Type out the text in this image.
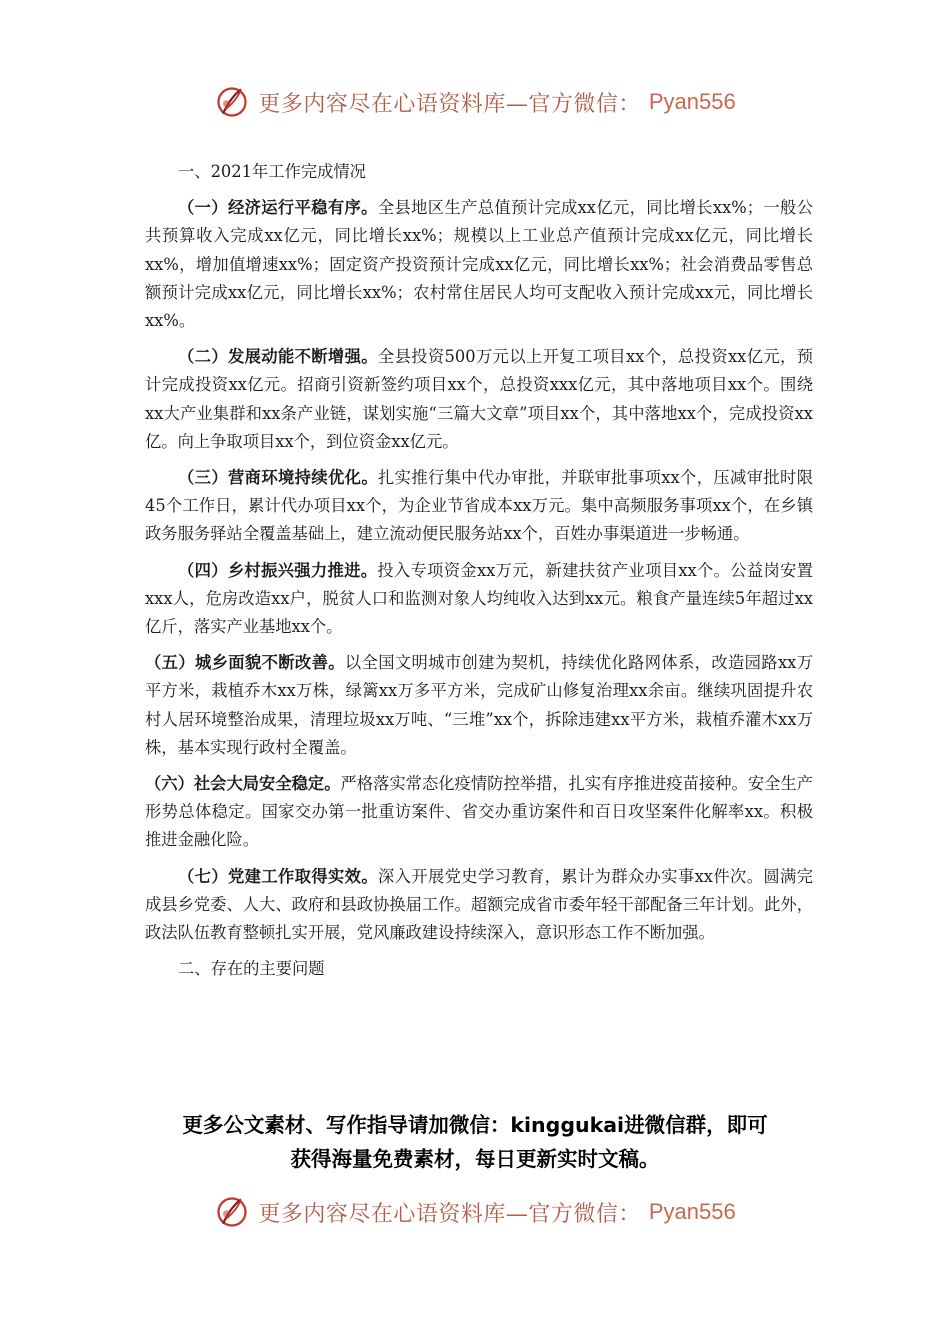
更多内容尽在心语资料库—官方微信： Pyan556

一、2021年工作完成情况

（一）经济运行平稳有序。全县地区生产总值预计完成xx亿元，同比增长xx%；一般公共预算收入完成xx亿元，同比增长xx%；规模以上工业总产值预计完成xx亿元，同比增长xx%，增加值增速xx%；固定资产投资预计完成xx亿元，同比增长xx%；社会消费品零售总额预计完成xx亿元，同比增长xx%；农村常住居民人均可支配收入预计完成xx元，同比增长xx%。

（二）发展动能不断增强。全县投资500万元以上开复工项目xx个，总投资xx亿元，预计完成投资xx亿元。招商引资新签约项目xx个，总投资xxx亿元，其中落地项目xx个。围绕xx大产业集群和xx条产业链，谋划实施“三篇大文章”项目xx个，其中落地xx个，完成投资xx亿。向上争取项目xx个，到位资金xx亿元。

（三）营商环境持续优化。扎实推行集中代办审批，并联审批事项xx个，压减审批时限45个工作日，累计代办项目xx个，为企业节省成本xx万元。集中高频服务事项xx个，在乡镇政务服务驿站全覆盖基础上，建立流动便民服务站xx个，百姓办事渠道进一步畅通。

（四）乡村振兴强力推进。投入专项资金xx万元，新建扶贫产业项目xx个。公益岗安置xxx人，危房改造xx户，脱贫人口和监测对象人均纯收入达到xx元。粮食产量连续5年超过xx亿斤，落实产业基地xx个。

（五）城乡面貌不断改善。以全国文明城市创建为契机，持续优化路网体系，改造园路xx万平方米，栽植乔木xx万株，绿篱xx万多平方米，完成矿山修复治理xx余亩。继续巩固提升农村人居环境整治成果，清理垃圾xx万吨、“三堆”xx个，拆除违建xx平方米，栽植乔灌木xx万株，基本实现行政村全覆盖。

（六）社会大局安全稳定。严格落实常态化疫情防控举措，扎实有序推进疫苗接种。安全生产形势总体稳定。国家交办第一批重访案件、省交办重访案件和百日攻坚案件化解率xx。积极推进金融化险。

（七）党建工作取得实效。深入开展党史学习教育，累计为群众办实事xx件次。圆满完成县乡党委、人大、政府和县政协换届工作。超额完成省市委年轻干部配备三年计划。此外，政法队伍教育整顿扎实开展，党风廉政建设持续深入，意识形态工作不断加强。

二、存在的主要问题

更多公文素材、写作指导请加微信：kinggukai进微信群，即可
获得海量免费素材，每日更新实时文稿。
更多内容尽在心语资料库—官方微信： Pyan556
